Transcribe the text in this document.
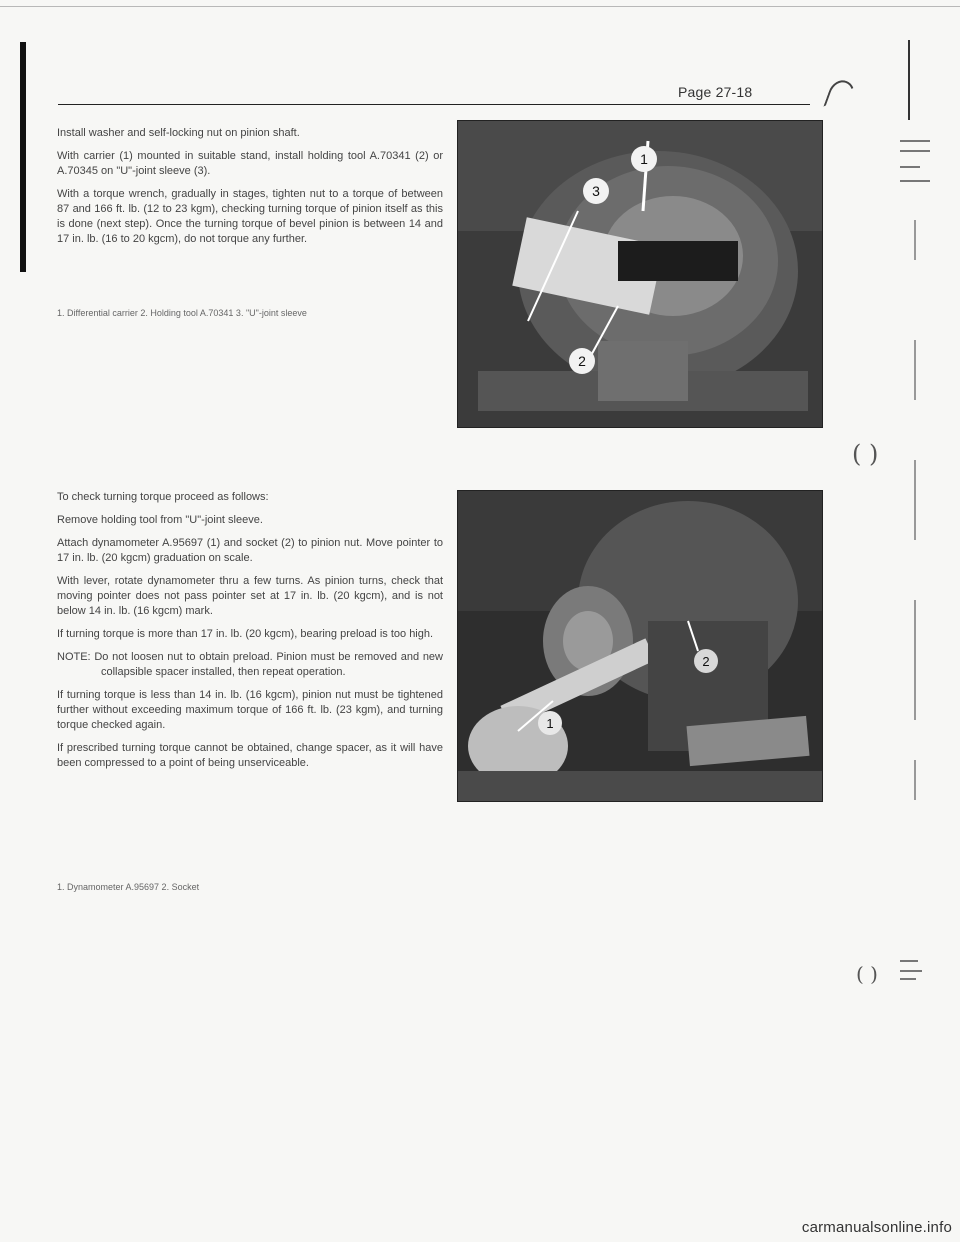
Page 27-18
( )
( )

Install washer and self-locking nut on pinion shaft.

With carrier (1) mounted in suitable stand, install holding tool A.70341 (2) or A.70345 on "U"-joint sleeve (3).

With a torque wrench, gradually in stages, tighten nut to a torque of between 87 and 166 ft. lb. (12 to 23 kgm), checking turning torque of pinion itself as this is done (next step). Once the turning torque of bevel pinion is between 14 and 17 in. lb. (16 to 20 kgcm), do not torque any further.

1. Differential carrier 2. Holding tool A.70341 3. "U"-joint sleeve
1
3
2

To check turning torque proceed as follows:

Remove holding tool from "U"-joint sleeve.

Attach dynamometer A.95697 (1) and socket (2) to pinion nut. Move pointer to 17 in. lb. (20 kgcm) graduation on scale.

With lever, rotate dynamometer thru a few turns. As pinion turns, check that moving pointer does not pass pointer set at 17 in. lb. (20 kgcm), and is not below 14 in. lb. (16 kgcm) mark.

If turning torque is more than 17 in. lb. (20 kgcm), bearing preload is too high.

NOTE: Do not loosen nut to obtain preload. Pinion must be removed and new collapsible spacer installed, then repeat operation.

If turning torque is less than 14 in. lb. (16 kgcm), pinion nut must be tightened further without exceeding maximum torque of 166 ft. lb. (23 kgm), and turning torque checked again.

If prescribed turning torque cannot be obtained, change spacer, as it will have been compressed to a point of being unserviceable.

1. Dynamometer A.95697 2. Socket
2
1
carmanualsonline.info
